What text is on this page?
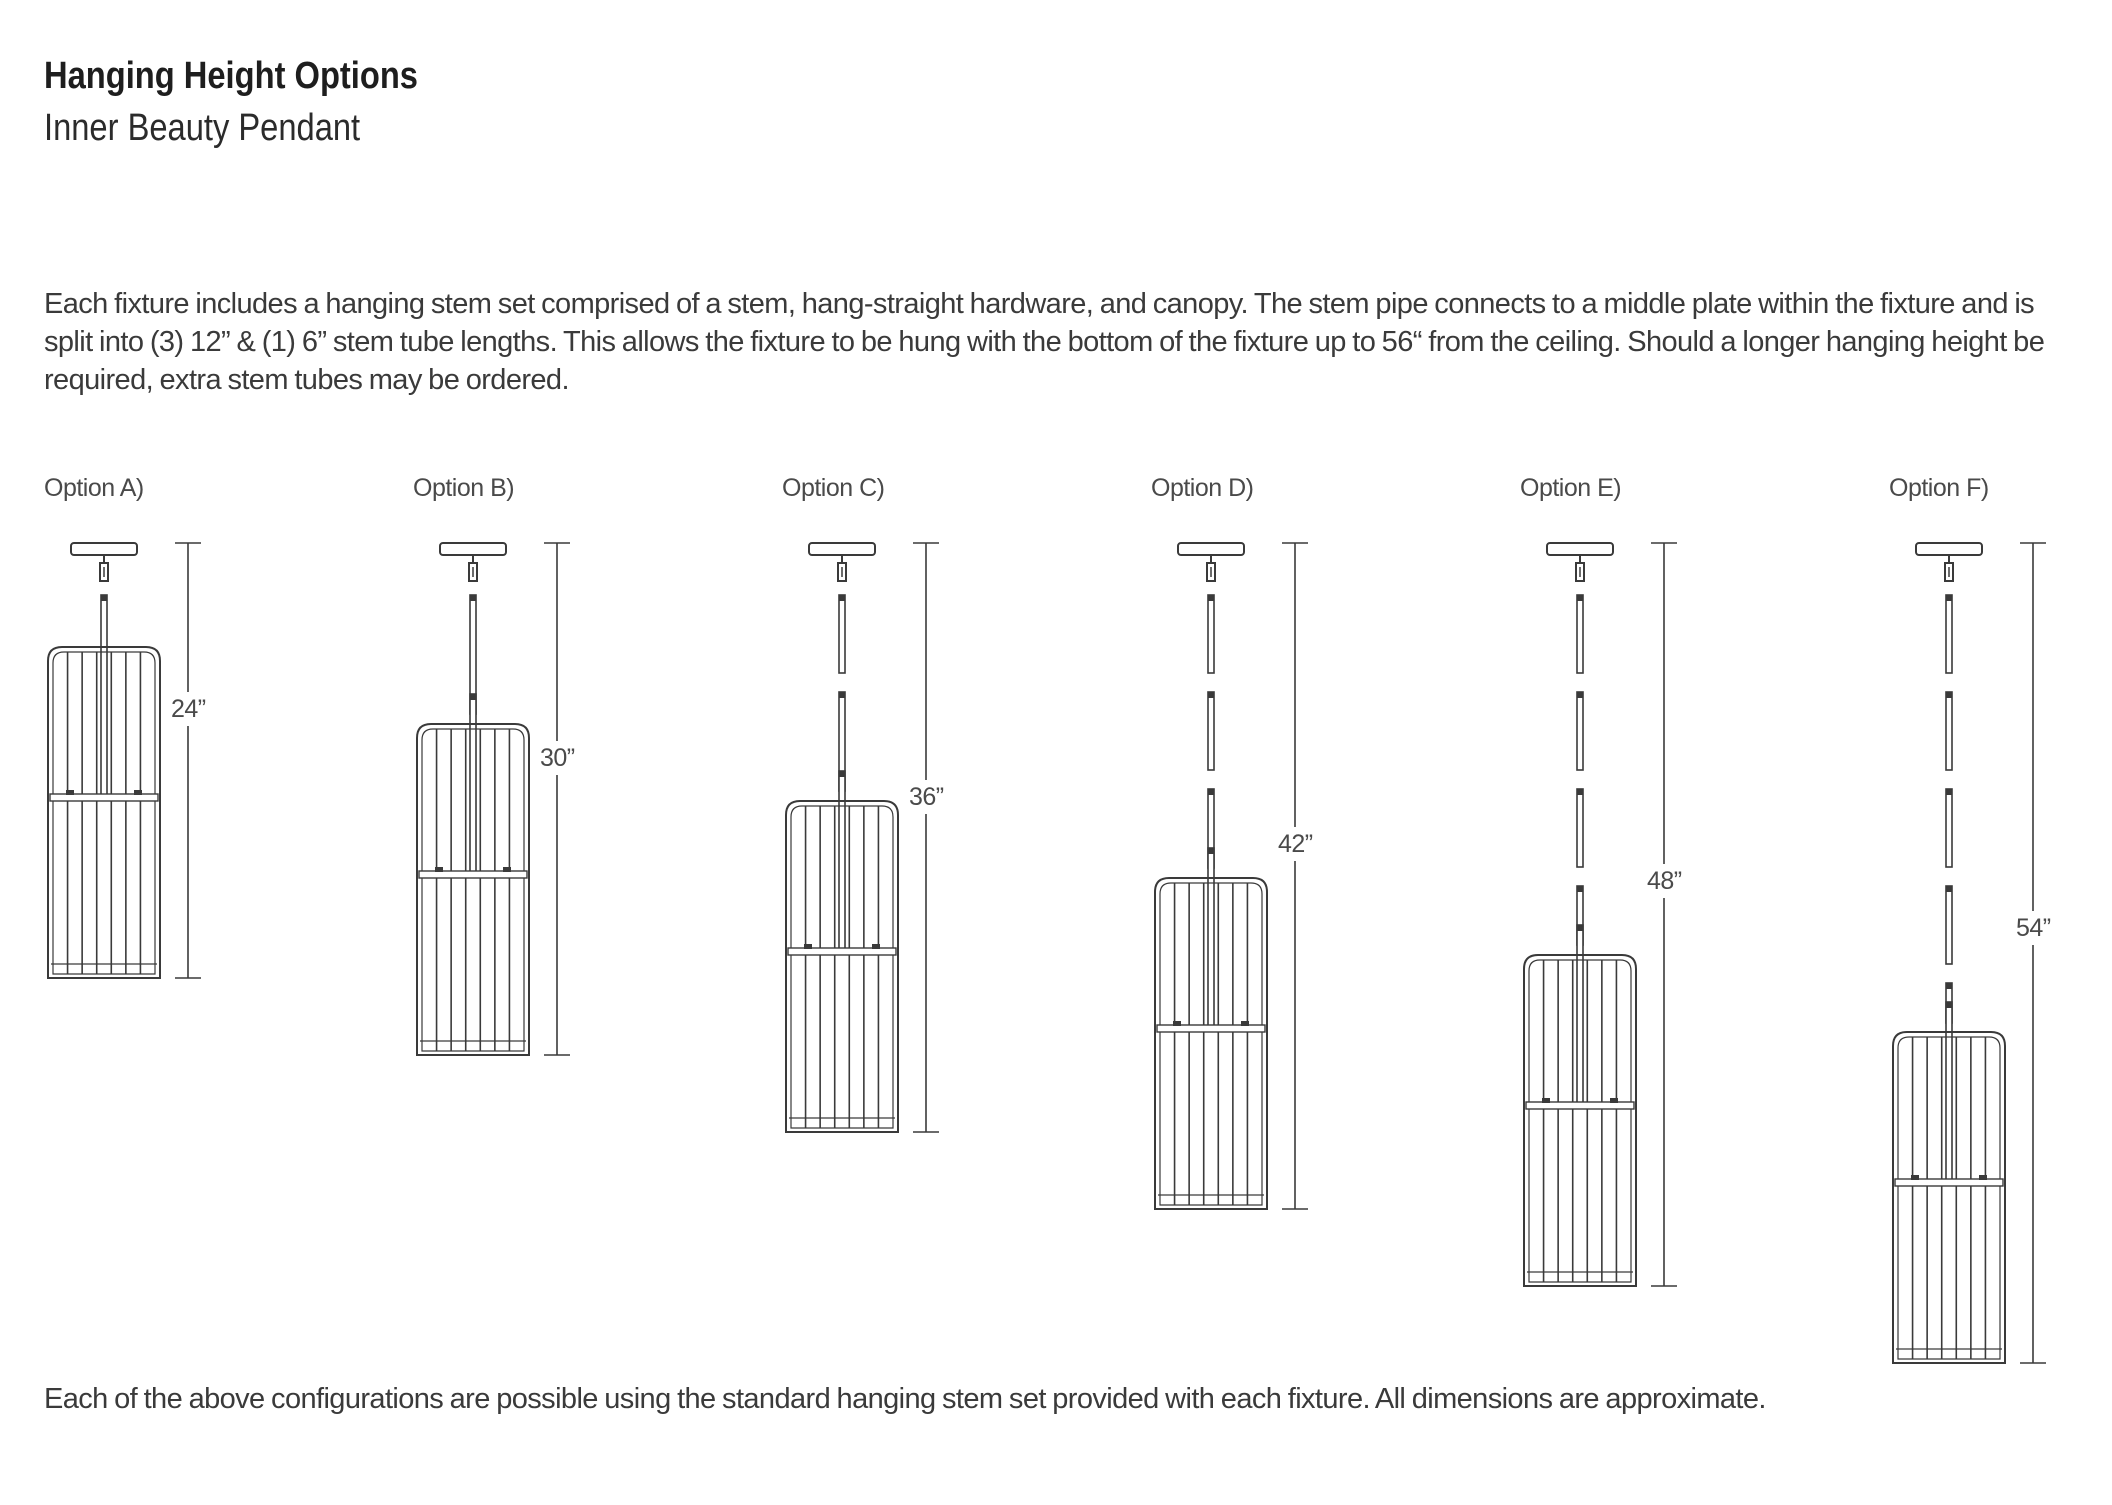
Hanging Height Options
Inner Beauty Pendant

Each fixture includes a hanging stem set comprised of a stem, hang-straight hardware, and canopy. The stem pipe connects to a middle plate within the fixture and is split into (3) 12” & (1) 6” stem tube lengths. This allows the fixture to be hung with the bottom of the fixture up to 56“ from the ceiling. Should a longer hanging height be required, extra stem tubes may be ordered.

Option A)	Option B)	Option C)	Option D)	Option E)	Option F)

24”

30”

36”

42”

48”

54”

Each of the above configurations are possible using the standard hanging stem set provided with each fixture. All dimensions are approximate.
